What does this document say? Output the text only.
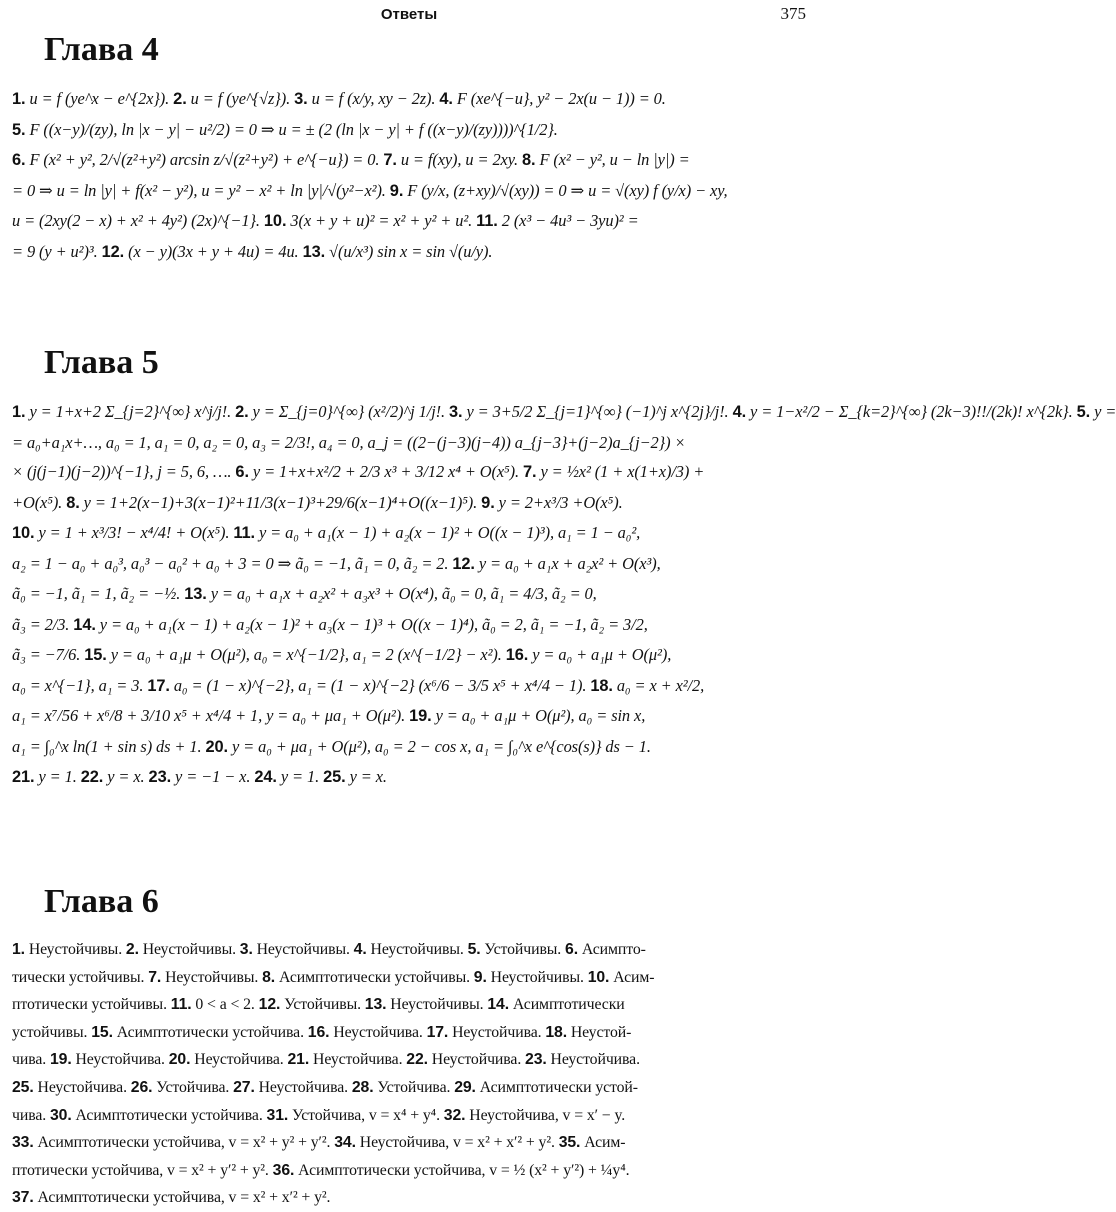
Ответы	375
Глава 4
1. u = f (ye^x − e^{2x}). 2. u = f (ye^{√z}). 3. u = f (x/y, xy − 2z). 4. F (xe^{−u}, y² − 2x(u − 1)) = 0.
5. F ((x−y)/(zy), ln |x − y| − u²/2) = 0 ⇒ u = ± (2 (ln |x − y| + f ((x−y)/(zy))))^{1/2}.
6. F (x² + y², 2/√(z²+y²) arcsin z/√(z²+y²) + e^{−u}) = 0. 7. u = f(xy), u = 2xy. 8. F (x² − y², u − ln |y|) =
= 0 ⇒ u = ln |y| + f(x² − y²), u = y² − x² + ln |y|/√(y²−x²). 9. F (y/x, (z+xy)/√(xy)) = 0 ⇒ u = √(xy) f (y/x) − xy,
u = (2xy(2 − x) + x² + 4y²) (2x)^{−1}. 10. 3(x + y + u)² = x² + y² + u². 11. 2 (x³ − 4u³ − 3yu)² =
= 9 (y + u²)³. 12. (x − y)(3x + y + 4u) = 4u. 13. √(u/x³) sin x = sin √(u/y).
Глава 5
1. y = 1+x+2 Σ_{j=2}^{∞} x^j/j!. 2. y = Σ_{j=0}^{∞} (x²/2)^j 1/j!. 3. y = 3+5/2 Σ_{j=1}^{∞} (−1)^j x^{2j}/j!. 4. y = 1−x²/2 − Σ_{k=2}^{∞} (2k−3)!!/(2k)! x^{2k}. 5. y =
= a₀+a₁x+…, a₀ = 1, a₁ = 0, a₂ = 0, a₃ = 2/3!, a₄ = 0, a_j = ((2−(j−3)(j−4)) a_{j−3}+(j−2)a_{j−2}) ×
× (j(j−1)(j−2))^{−1}, j = 5, 6, …. 6. y = 1+x+x²/2 + 2/3 x³ + 3/12 x⁴ + O(x⁵). 7. y = ½x² (1 + x(1+x)/3) +
+O(x⁵). 8. y = 1+2(x−1)+3(x−1)²+11/3(x−1)³+29/6(x−1)⁴+O((x−1)⁵). 9. y = 2+x³/3 +O(x⁵).
10. y = 1 + x³/3! − x⁴/4! + O(x⁵). 11. y = a₀ + a₁(x − 1) + a₂(x − 1)² + O((x − 1)³), a₁ = 1 − a₀²,
a₂ = 1 − a₀ + a₀³, a₀³ − a₀² + a₀ + 3 = 0 ⇒ ã₀ = −1, ã₁ = 0, ã₂ = 2. 12. y = a₀ + a₁x + a₂x² + O(x³),
ã₀ = −1, ã₁ = 1, ã₂ = −½. 13. y = a₀ + a₁x + a₂x² + a₃x³ + O(x⁴), ã₀ = 0, ã₁ = 4/3, ã₂ = 0,
ã₃ = 2/3. 14. y = a₀ + a₁(x − 1) + a₂(x − 1)² + a₃(x − 1)³ + O((x − 1)⁴), ã₀ = 2, ã₁ = −1, ã₂ = 3/2,
ã₃ = −7/6. 15. y = a₀ + a₁μ + O(μ²), a₀ = x^{−1/2}, a₁ = 2 (x^{−1/2} − x²). 16. y = a₀ + a₁μ + O(μ²),
a₀ = x^{−1}, a₁ = 3. 17. a₀ = (1 − x)^{−2}, a₁ = (1 − x)^{−2} (x⁶/6 − 3/5 x⁵ + x⁴/4 − 1). 18. a₀ = x + x²/2,
a₁ = x⁷/56 + x⁶/8 + 3/10 x⁵ + x⁴/4 + 1, y = a₀ + μa₁ + O(μ²). 19. y = a₀ + a₁μ + O(μ²), a₀ = sin x,
a₁ = ∫₀^x ln(1 + sin s) ds + 1. 20. y = a₀ + μa₁ + O(μ²), a₀ = 2 − cos x, a₁ = ∫₀^x e^{cos(s)} ds − 1.
21. y = 1. 22. y = x. 23. y = −1 − x. 24. y = 1. 25. y = x.
Глава 6
1. Неустойчивы. 2. Неустойчивы. 3. Неустойчивы. 4. Неустойчивы. 5. Устойчивы. 6. Асимпто-
тически устойчивы. 7. Неустойчивы. 8. Асимптотически устойчивы. 9. Неустойчивы. 10. Асим-
птотически устойчивы. 11. 0 < a < 2. 12. Устойчивы. 13. Неустойчивы. 14. Асимптотически
устойчивы. 15. Асимптотически устойчива. 16. Неустойчива. 17. Неустойчива. 18. Неустой-
чива. 19. Неустойчива. 20. Неустойчива. 21. Неустойчива. 22. Неустойчива. 23. Неустойчива.
25. Неустойчива. 26. Устойчива. 27. Неустойчива. 28. Устойчива. 29. Асимптотически устой-
чива. 30. Асимптотически устойчива. 31. Устойчива, v = x⁴ + y⁴. 32. Неустойчива, v = x′ − y.
33. Асимптотически устойчива, v = x² + y² + y′². 34. Неустойчива, v = x² + x′² + y². 35. Асим-
птотически устойчива, v = x² + y′² + y². 36. Асимптотически устойчива, v = ½ (x² + y′²) + ¼y⁴.
37. Асимптотически устойчива, v = x² + x′² + y².
